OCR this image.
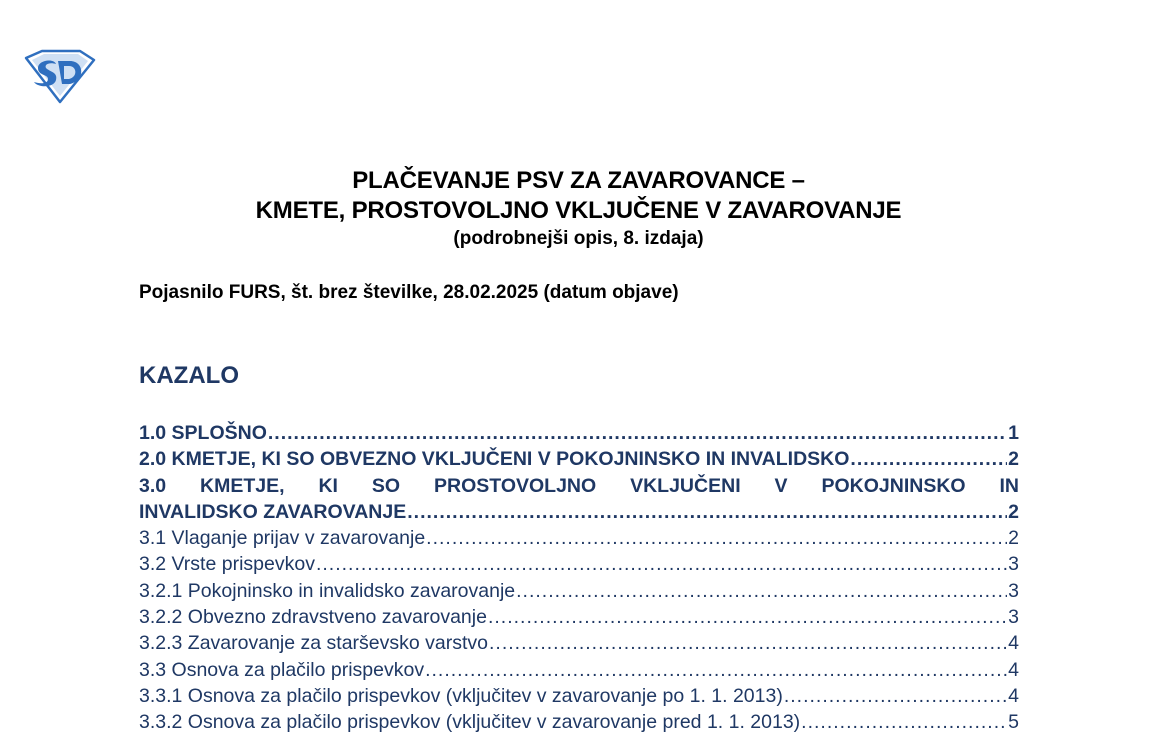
PLAČEVANJE PSV ZA ZAVAROVANCE –
KMETE, PROSTOVOLJNO VKLJUČENE V ZAVAROVANJE
(podrobnejši opis, 8. izdaja)
Pojasnilo FURS, št. brez številke, 28.02.2025 (datum objave)
KAZALO
1.0 SPLOŠNO .....	1
2.0 KMETJE, KI SO OBVEZNO VKLJUČENI V POKOJNINSKO IN INVALIDSKO .....	2
3.0 KMETJE, KI SO PROSTOVOLJNO VKLJUČENI V POKOJNINSKO IN
INVALIDSKO ZAVAROVANJE .....	2
3.1 Vlaganje prijav v zavarovanje .....	2
3.2 Vrste prispevkov .....	3
3.2.1 Pokojninsko in invalidsko zavarovanje .....	3
3.2.2 Obvezno zdravstveno zavarovanje .....	3
3.2.3 Zavarovanje za starševsko varstvo .....	4
3.3 Osnova za plačilo prispevkov .....	4
3.3.1 Osnova za plačilo prispevkov (vključitev v zavarovanje po 1. 1. 2013) .....	4
3.3.2 Osnova za plačilo prispevkov (vključitev v zavarovanje pred 1. 1. 2013) .....	5
